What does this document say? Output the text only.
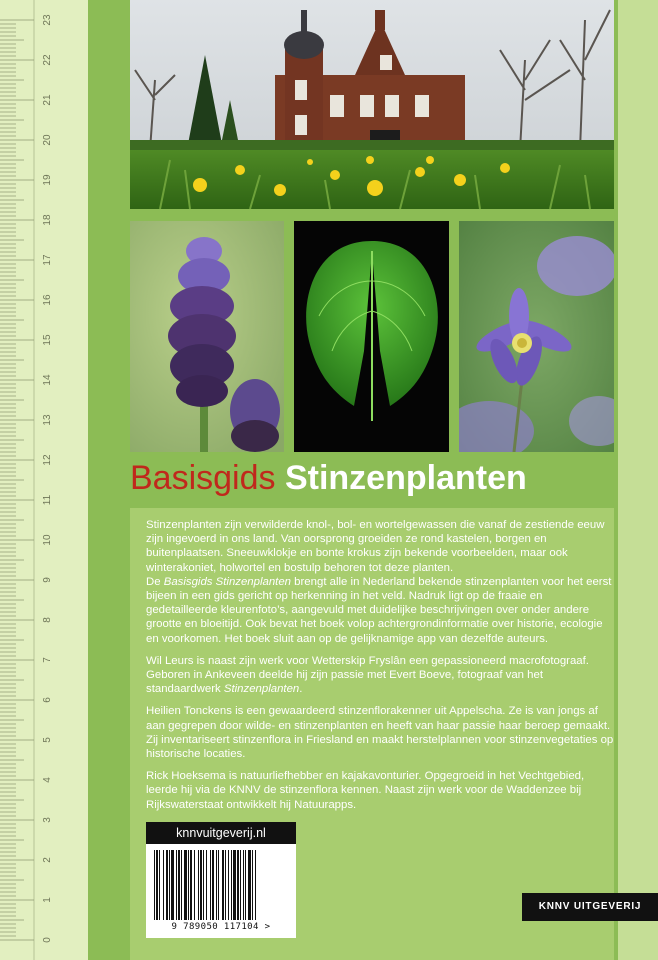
23
22
21
20
19
18
17
16
15
14
13
12
11
10
9
8
7
6
5
4
3
2
1
0
Basisgids Stinzenplanten

Stinzenplanten zijn verwilderde knol-, bol- en wortelgewassen die vanaf de zestiende eeuw zijn ingevoerd in ons land. Van oorsprong groeiden ze rond kastelen, borgen en buitenplaatsen. Sneeuwklokje en bonte krokus zijn bekende voorbeelden, maar ook winterakoniet, holwortel en bostulp behoren tot deze planten.

De Basisgids Stinzenplanten brengt alle in Nederland bekende stinzenplanten voor het eerst bijeen in een gids gericht op herkenning in het veld. Nadruk ligt op de fraaie en gedetailleerde kleurenfoto’s, aangevuld met duidelijke beschrijvingen over onder andere grootte en bloeitijd. Ook bevat het boek volop achtergrondinformatie over historie, ecologie en voorkomen. Het boek sluit aan op de gelijknamige app van dezelfde auteurs.

Wil Leurs is naast zijn werk voor Wetterskip Fryslân een gepassioneerd macrofotograaf. Geboren in Ankeveen deelde hij zijn passie met Evert Boeve, fotograaf van het standaardwerk Stinzenplanten.

Heilien Tonckens is een gewaardeerd stinzenflorakenner uit Appelscha. Ze is van jongs af aan gegrepen door wilde- en stinzenplanten en heeft van haar passie haar beroep gemaakt. Zij inventariseert stinzenflora in Friesland en maakt herstelplannen voor stinzenvegetaties op historische locaties.

Rick Hoeksema is natuurliefhebber en kajakavonturier. Opgegroeid in het Vechtgebied, leerde hij via de KNNV de stinzenflora kennen. Naast zijn werk voor de Waddenzee bij Rijkswaterstaat ontwikkelt hij Natuurapps.

knnvuitgeverij.nl
9 789050 117104 >
KNNV UITGEVERIJ
